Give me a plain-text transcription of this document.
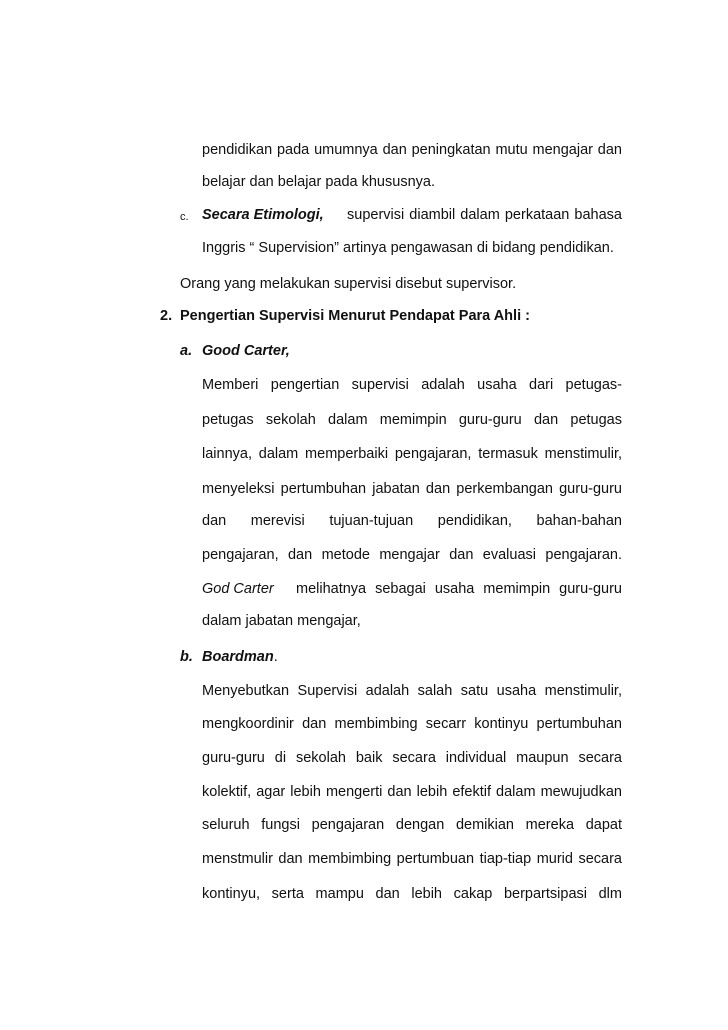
pendidikan pada umumnya dan peningkatan mutu mengajar dan
belajar dan belajar pada khususnya.
c. Secara Etimologi, supervisi diambil dalam perkataan bahasa
Inggris “ Supervision” artinya pengawasan di bidang pendidikan.
Orang yang melakukan supervisi disebut supervisor.
2. Pengertian Supervisi Menurut Pendapat Para Ahli :
a. Good Carter,
Memberi pengertian supervisi adalah usaha dari petugas-
petugas sekolah dalam memimpin guru-guru dan petugas
lainnya, dalam memperbaiki pengajaran, termasuk menstimulir,
menyeleksi pertumbuhan jabatan dan perkembangan guru-guru
dan merevisi tujuan-tujuan pendidikan, bahan-bahan
pengajaran, dan metode mengajar dan evaluasi pengajaran.
God Carter melihatnya sebagai usaha memimpin guru-guru
dalam jabatan mengajar,
b. Boardman.
Menyebutkan Supervisi adalah salah satu usaha menstimulir,
mengkoordinir dan membimbing secarr kontinyu pertumbuhan
guru-guru di sekolah baik secara individual maupun secara
kolektif, agar lebih mengerti dan lebih efektif dalam mewujudkan
seluruh fungsi pengajaran dengan demikian mereka dapat
menstmulir dan membimbing pertumbuan tiap-tiap murid secara
kontinyu, serta mampu dan lebih cakap berpartsipasi dlm
